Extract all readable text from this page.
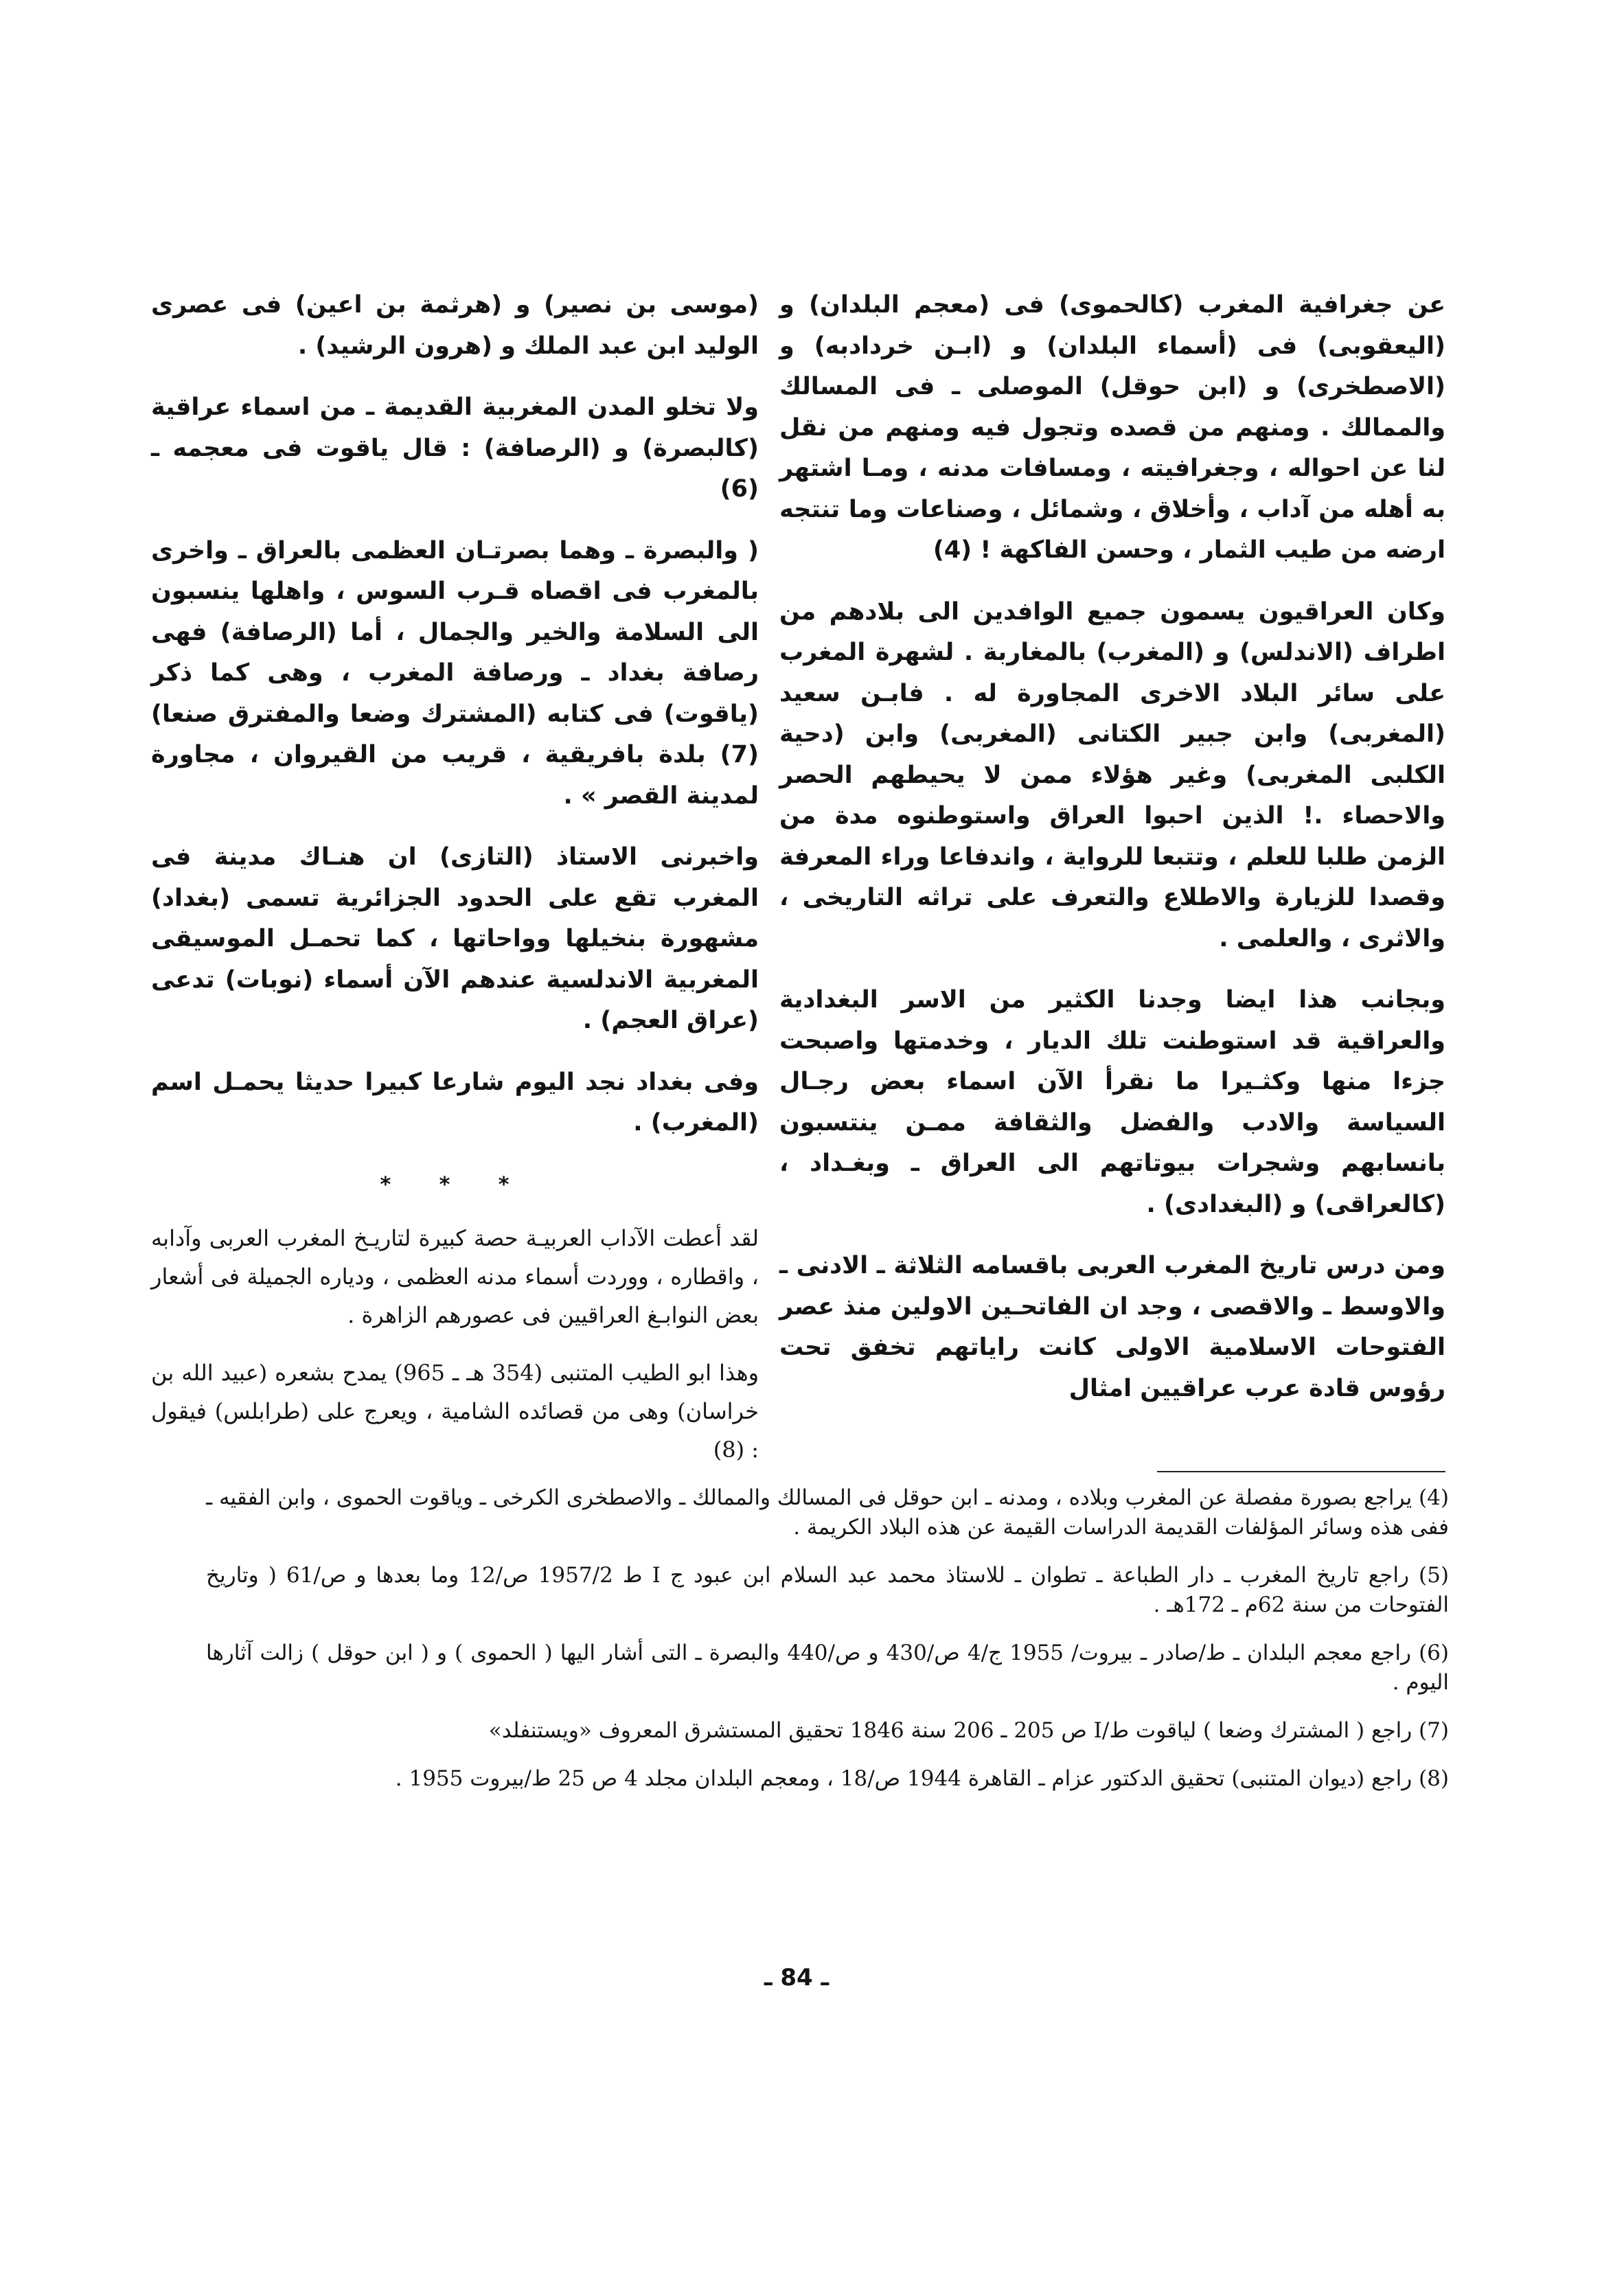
عن جغرافية المغرب (كالحموى) فى (معجم البلدان) و (اليعقوبى) فى (أسماء البلدان) و (ابـن خردادبه) و (الاصطخرى) و (ابن حوقل) الموصلى ـ فى المسالك والممالك . ومنهم من قصده وتجول فيه ومنهم من نقل لنا عن احواله ، وجغرافيته ، ومسافات مدنه ، ومـا اشتهر به أهله من آداب ، وأخلاق ، وشمائل ، وصناعات وما تنتجه ارضه من طيب الثمار ، وحسن الفاكهة ! (4)

وكان العراقيون يسمون جميع الوافدين الى بلادهم من اطراف (الاندلس) و (المغرب) بالمغاربة . لشهرة المغرب على سائر البلاد الاخرى المجاورة له . فابـن سعيد (المغربى) وابن جبير الكتانى (المغربى) وابن (دحية الكلبى المغربى) وغير هؤلاء ممن لا يحيطهم الحصر والاحصاء .! الذين احبوا العراق واستوطنوه مدة من الزمن طلبا للعلم ، وتتبعا للرواية ، واندفاعا وراء المعرفة وقصدا للزيارة والاطلاع والتعرف على تراثه التاريخى ، والاثرى ، والعلمى .

وبجانب هذا ايضا وجدنا الكثير من الاسر البغدادية والعراقية قد استوطنت تلك الديار ، وخدمتها واصبحت جزءا منها وكثـيرا ما نقرأ الآن اسماء بعض رجـال السياسة والادب والفضل والثقافة ممـن ينتسبون بانسابهم وشجرات بيوتاتهم الى العراق ـ وبغـداد ، (كالعراقى) و (البغدادى) .

ومن درس تاريخ المغرب العربى باقسامه الثلاثة ـ الادنى ـ والاوسط ـ والاقصى ، وجد ان الفاتحـين الاولين منذ عصر الفتوحات الاسلامية الاولى كانت راياتهم تخفق تحت رؤوس قادة عرب عراقيين امثال

(موسى بن نصير) و (هرثمة بن اعين) فى عصرى الوليد ابن عبد الملك و (هرون الرشيد) .

ولا تخلو المدن المغربية القديمة ـ من اسماء عراقية (كالبصرة) و (الرصافة) : قال ياقوت فى معجمه ـ (6)

( والبصرة ـ وهما بصرتـان العظمى بالعراق ـ واخرى بالمغرب فى اقصاه قـرب السوس ، واهلها ينسبون الى السلامة والخير والجمال ، أما (الرصافة) فهى رصافة بغداد ـ ورصافة المغرب ، وهى كما ذكر (ياقوت) فى كتابه (المشترك وضعا والمفترق صنعا) (7) بلدة بافريقية ، قريب من القيروان ، مجاورة لمدينة القصر » .

واخبرنى الاستاذ (التازى) ان هنـاك مدينة فى المغرب تقع على الحدود الجزائرية تسمى (بغداد) مشهورة بنخيلها وواحاتها ، كما تحمـل الموسيقى المغربية الاندلسية عندهم الآن أسماء (نوبات) تدعى (عراق العجم) .

وفى بغداد نجد اليوم شارعا كبيرا حديثا يحمـل اسم (المغرب) .

* * *

لقد أعطت الآداب العربيـة حصة كبيرة لتاريـخ المغرب العربى وآدابه ، واقطاره ، ووردت أسماء مدنه العظمى ، ودياره الجميلة فى أشعار بعض النوابـغ العراقيين فى عصورهم الزاهرة .

وهذا ابو الطيب المتنبى (354 هـ ـ 965) يمدح بشعره (عبيد الله بن خراسان) وهى من قصائده الشامية ، ويعرج على (طرابلس) فيقول : (8)

(4) يراجع بصورة مفصلة عن المغرب وبلاده ، ومدنه ـ ابن حوقل فى المسالك والممالك ـ والاصطخرى الكرخى ـ وياقوت الحموى ، وابن الفقيه ـ ففى هذه وسائر المؤلفات القديمة الدراسات القيمة عن هذه البلاد الكريمة .

(5) راجع تاريخ المغرب ـ دار الطباعة ـ تطوان ـ للاستاذ محمد عبد السلام ابن عبود ج I ط 1957/2 ص/12 وما بعدها و ص/61 ( وتاريخ الفتوحات من سنة 62م ـ 172هـ .

(6) راجع معجم البلدان ـ ط/صادر ـ بيروت/ 1955 ج/4 ص/430 و ص/440 والبصرة ـ التى أشار اليها ( الحموى ) و ( ابن حوقل ) زالت آثارها اليوم .

(7) راجع ( المشترك وضعا ) لياقوت ط/I ص 205 ـ 206 سنة 1846 تحقيق المستشرق المعروف «ويستنفلد»

(8) راجع (ديوان المتنبى) تحقيق الدكتور عزام ـ القاهرة 1944 ص/18 ، ومعجم البلدان مجلد 4 ص 25 ط/بيروت 1955 .

ـ 84 ـ
